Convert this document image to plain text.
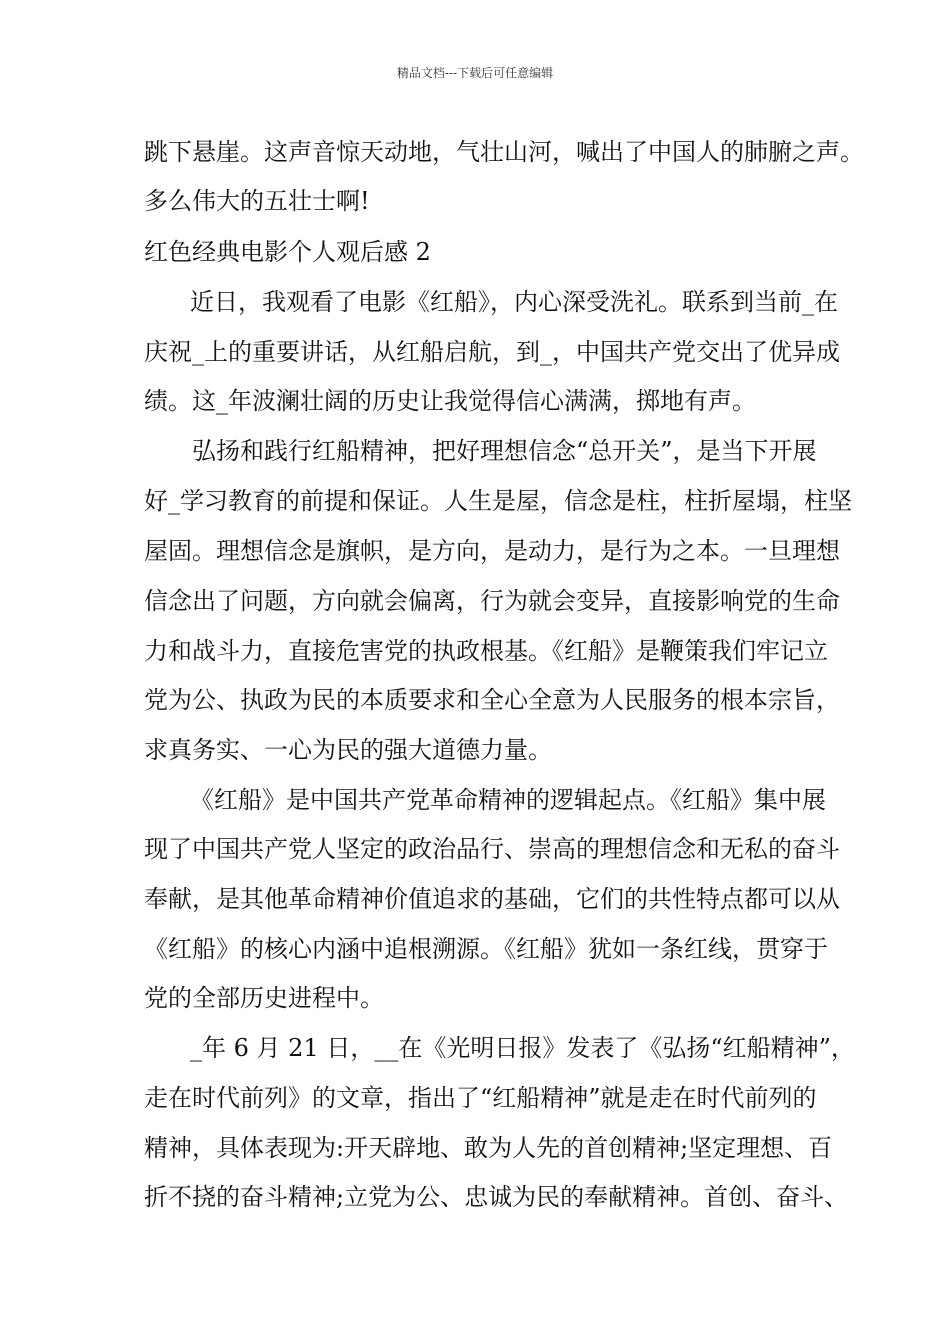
精品文档---下载后可任意编辑
跳下悬崖。这声音惊天动地，气壮山河，喊出了中国人的肺腑之声。
多么伟大的五壮士啊!
红色经典电影个人观后感 2
近日，我观看了电影《红船》，内心深受洗礼。联系到当前_在
庆祝_上的重要讲话，从红船启航，到_，中国共产党交出了优异成
绩。这_年波澜壮阔的历史让我觉得信心满满，掷地有声。
弘扬和践行红船精神，把好理想信念“总开关”，是当下开展
好_学习教育的前提和保证。人生是屋，信念是柱，柱折屋塌，柱坚
屋固。理想信念是旗帜，是方向，是动力，是行为之本。一旦理想
信念出了问题，方向就会偏离，行为就会变异，直接影响党的生命
力和战斗力，直接危害党的执政根基。《红船》是鞭策我们牢记立
党为公、执政为民的本质要求和全心全意为人民服务的根本宗旨，
求真务实、一心为民的强大道德力量。
《红船》是中国共产党革命精神的逻辑起点。《红船》集中展
现了中国共产党人坚定的政治品行、崇高的理想信念和无私的奋斗
奉献，是其他革命精神价值追求的基础，它们的共性特点都可以从
《红船》的核心内涵中追根溯源。《红船》犹如一条红线，贯穿于
党的全部历史进程中。
_年 6 月 21 日，__在《光明日报》发表了《弘扬“红船精神”，
走在时代前列》的文章，指出了“红船精神”就是走在时代前列的
精神，具体表现为:开天辟地、敢为人先的首创精神;坚定理想、百
折不挠的奋斗精神;立党为公、忠诚为民的奉献精神。首创、奋斗、
